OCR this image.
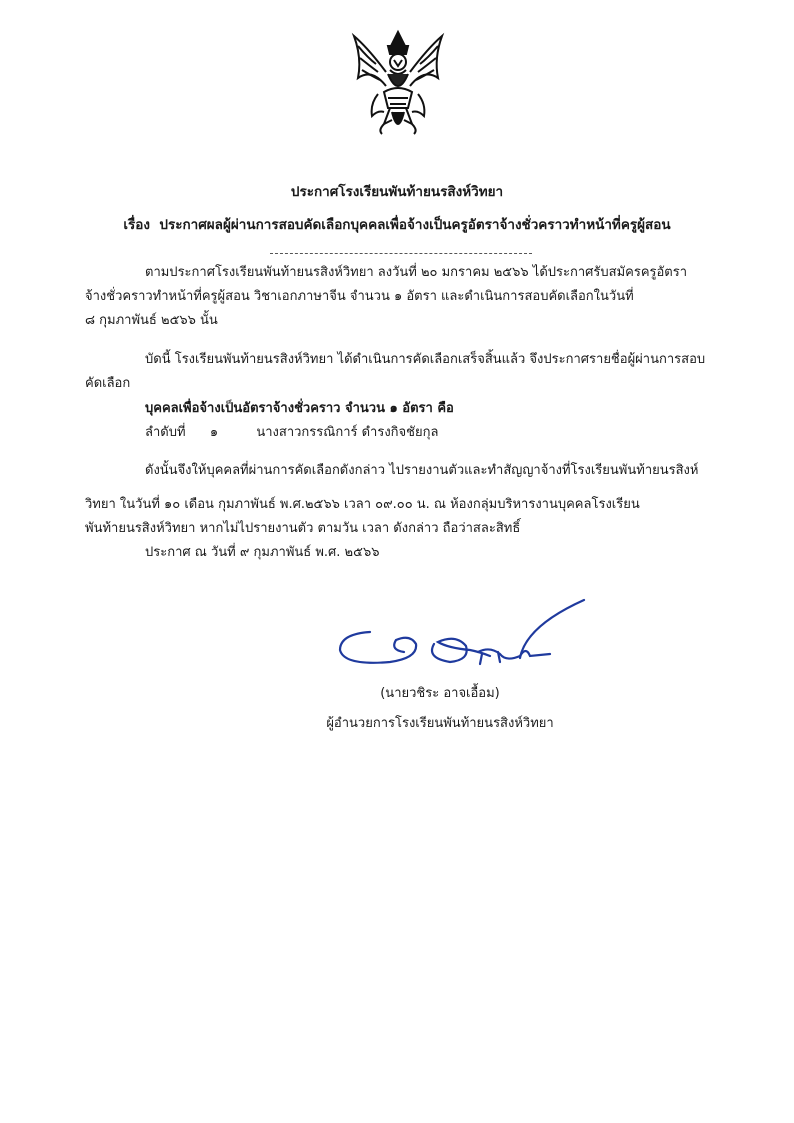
ประกาศโรงเรียนพันท้ายนรสิงห์วิทยา
เรื่อง ประกาศผลผู้ผ่านการสอบคัดเลือกบุคคลเพื่อจ้างเป็นครูอัตราจ้างชั่วคราวทำหน้าที่ครูผู้สอน
ตามประกาศโรงเรียนพันท้ายนรสิงห์วิทยา ลงวันที่ ๒๐ มกราคม ๒๕๖๖ ได้ประกาศรับสมัครครูอัตรา
จ้างชั่วคราวทำหน้าที่ครูผู้สอน วิชาเอกภาษาจีน จำนวน ๑ อัตรา และดำเนินการสอบคัดเลือกในวันที่
๘ กุมภาพันธ์ ๒๕๖๖ นั้น
บัดนี้ โรงเรียนพันท้ายนรสิงห์วิทยา ได้ดำเนินการคัดเลือกเสร็จสิ้นแล้ว จึงประกาศรายชื่อผู้ผ่านการสอบ
คัดเลือก
บุคคลเพื่อจ้างเป็นอัตราจ้างชั่วคราว จำนวน ๑ อัตรา คือ
ลำดับที่ ๑	นางสาวกรรณิการ์ ดำรงกิจชัยกุล
ดังนั้นจึงให้บุคคลที่ผ่านการคัดเลือกดังกล่าว ไปรายงานตัวและทำสัญญาจ้างที่โรงเรียนพันท้ายนรสิงห์
วิทยา ในวันที่ ๑๐ เดือน กุมภาพันธ์ พ.ศ.๒๕๖๖ เวลา ๐๙.๐๐ น. ณ ห้องกลุ่มบริหารงานบุคคลโรงเรียน
พันท้ายนรสิงห์วิทยา หากไม่ไปรายงานตัว ตามวัน เวลา ดังกล่าว ถือว่าสละสิทธิ์
ประกาศ ณ วันที่ ๙ กุมภาพันธ์ พ.ศ. ๒๕๖๖
(นายวชิระ อาจเอื้อม)
ผู้อำนวยการโรงเรียนพันท้ายนรสิงห์วิทยา
